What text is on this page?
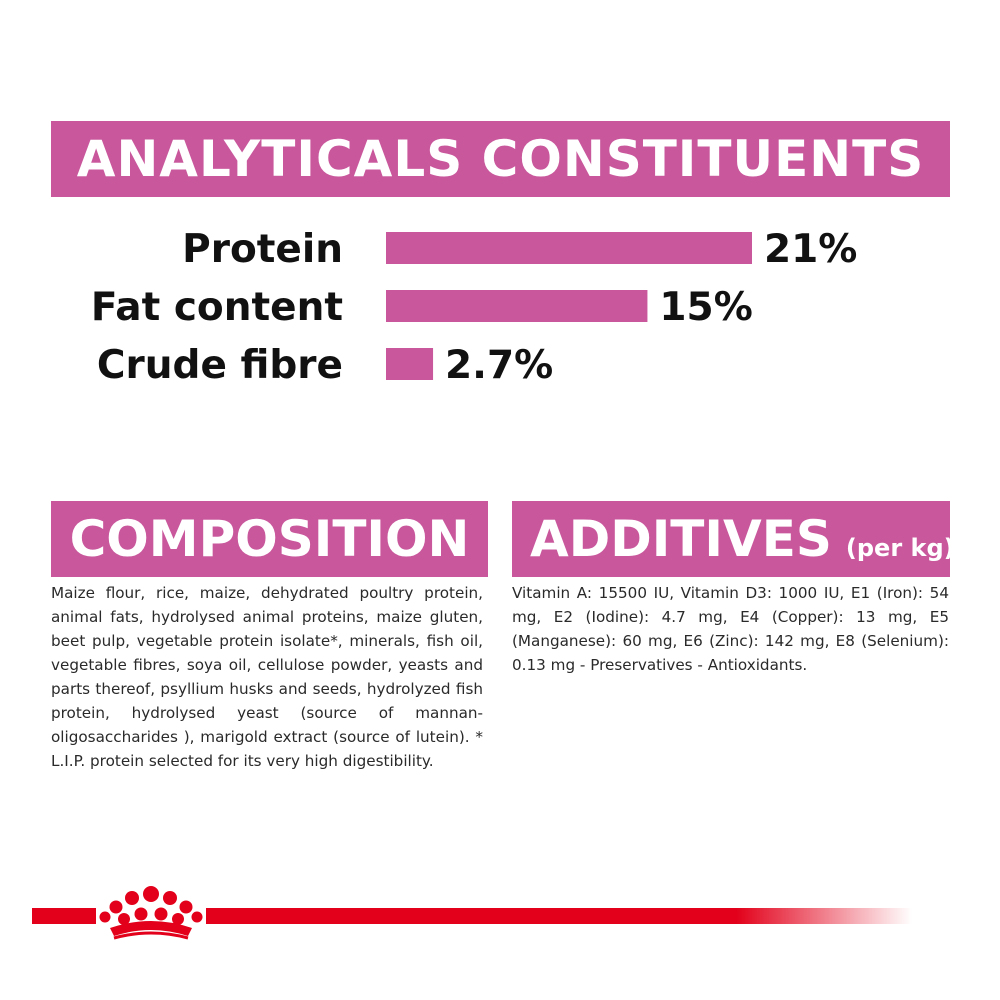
ANALYTICALS CONSTITUENTS
Protein	21%
Fat content	15%
Crude fibre	2.7%
COMPOSITION	ADDITIVES (per kg)

Maize flour, rice, maize, dehydrated poultry protein, animal fats, hydrolysed animal proteins, maize gluten, beet pulp, vegetable protein isolate*, minerals, fish oil, vegetable fibres, soya oil, cellulose powder, yeasts and parts thereof, psyllium husks and seeds, hydrolyzed fish protein, hydrolysed yeast (source of mannan-oligosaccharides ), marigold extract (source of lutein). * L.I.P. protein selected for its very high digestibility.

Vitamin A: 15500 IU, Vitamin D3: 1000 IU, E1 (Iron): 54 mg, E2 (Iodine): 4.7 mg, E4 (Copper): 13 mg, E5 (Manganese): 60 mg, E6 (Zinc): 142 mg, E8 (Selenium): 0.13 mg - Preservatives - Antioxidants.
